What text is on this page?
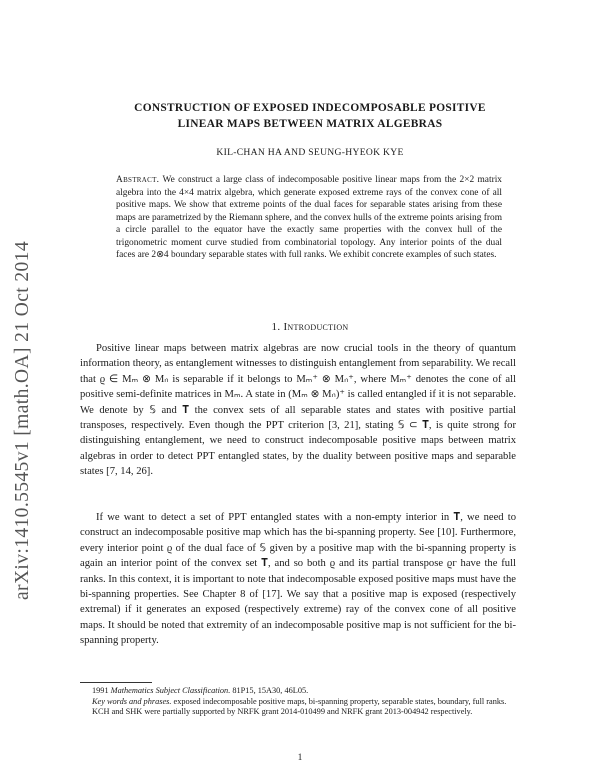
arXiv:1410.5545v1 [math.OA] 21 Oct 2014
CONSTRUCTION OF EXPOSED INDECOMPOSABLE POSITIVE
LINEAR MAPS BETWEEN MATRIX ALGEBRAS
KIL-CHAN HA AND SEUNG-HYEOK KYE
Abstract. We construct a large class of indecomposable positive linear maps from the 2×2 matrix algebra into the 4×4 matrix algebra, which generate exposed extreme rays of the convex cone of all positive maps. We show that extreme points of the dual faces for separable states arising from these maps are parametrized by the Riemann sphere, and the convex hulls of the extreme points arising from a circle parallel to the equator have the exactly same properties with the convex hull of the trigonometric moment curve studied from combinatorial topology. Any interior points of the dual faces are 2⊗4 boundary separable states with full ranks. We exhibit concrete examples of such states.
1. Introduction

Positive linear maps between matrix algebras are now crucial tools in the theory of quantum information theory, as entanglement witnesses to distinguish entanglement from separability. We recall that ϱ ∈ Mₘ ⊗ Mₙ is separable if it belongs to Mₘ⁺ ⊗ Mₙ⁺, where Mₘ⁺ denotes the cone of all positive semi-definite matrices in Mₘ. A state in (Mₘ ⊗ Mₙ)⁺ is called entangled if it is not separable. We denote by 𝕊 and 𝐓 the convex sets of all separable states and states with positive partial transposes, respectively. Even though the PPT criterion [3, 21], stating 𝕊 ⊂ 𝐓, is quite strong for distinguishing entanglement, we need to construct indecomposable positive maps between matrix algebras in order to detect PPT entangled states, by the duality between positive maps and separable states [7, 14, 26].

If we want to detect a set of PPT entangled states with a non-empty interior in 𝐓, we need to construct an indecomposable positive map which has the bi-spanning property. See [10]. Furthermore, every interior point ϱ of the dual face of 𝕊 given by a positive map with the bi-spanning property is again an interior point of the convex set 𝐓, and so both ϱ and its partial transpose ϱᴦ have the full ranks. In this context, it is important to note that indecomposable exposed positive maps must have the bi-spanning properties. See Chapter 8 of [17]. We say that a positive map is exposed (respectively extremal) if it generates an exposed (respectively extreme) ray of the convex cone of all positive maps. It should be noted that extremity of an indecomposable positive map is not sufficient for the bi-spanning property.

1991 Mathematics Subject Classification. 81P15, 15A30, 46L05.

Key words and phrases. exposed indecomposable positive maps, bi-spanning property, separable states, boundary, full ranks.

KCH and SHK were partially supported by NRFK grant 2014-010499 and NRFK grant 2013-004942 respectively.

1
